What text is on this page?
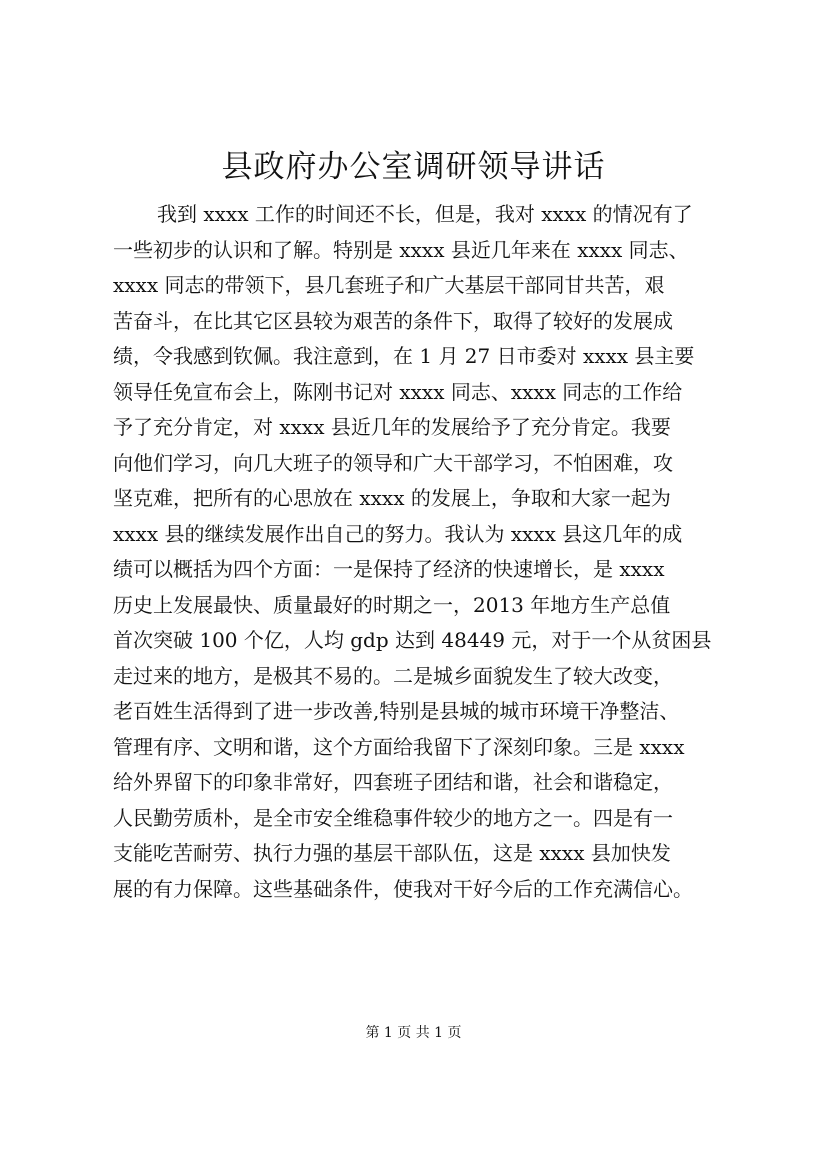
县政府办公室调研领导讲话
我到 xxxx 工作的时间还不长，但是，我对 xxxx 的情况有了
一些初步的认识和了解。特别是 xxxx 县近几年来在 xxxx 同志、
xxxx 同志的带领下，县几套班子和广大基层干部同甘共苦，艰
苦奋斗，在比其它区县较为艰苦的条件下，取得了较好的发展成
绩，令我感到钦佩。我注意到，在 1 月 27 日市委对 xxxx 县主要
领导任免宣布会上，陈刚书记对 xxxx 同志、xxxx 同志的工作给
予了充分肯定，对 xxxx 县近几年的发展给予了充分肯定。我要
向他们学习，向几大班子的领导和广大干部学习，不怕困难，攻
坚克难，把所有的心思放在 xxxx 的发展上，争取和大家一起为
xxxx 县的继续发展作出自己的努力。我认为 xxxx 县这几年的成
绩可以概括为四个方面：一是保持了经济的快速增长，是 xxxx
历史上发展最快、质量最好的时期之一，2013 年地方生产总值
首次突破 100 个亿，人均 gdp 达到 48449 元，对于一个从贫困县
走过来的地方，是极其不易的。二是城乡面貌发生了较大改变，
老百姓生活得到了进一步改善,特别是县城的城市环境干净整洁、
管理有序、文明和谐，这个方面给我留下了深刻印象。三是 xxxx
给外界留下的印象非常好，四套班子团结和谐，社会和谐稳定，
人民勤劳质朴，是全市安全维稳事件较少的地方之一。四是有一
支能吃苦耐劳、执行力强的基层干部队伍，这是 xxxx 县加快发
展的有力保障。这些基础条件，使我对干好今后的工作充满信心。
第 1 页 共 1 页
